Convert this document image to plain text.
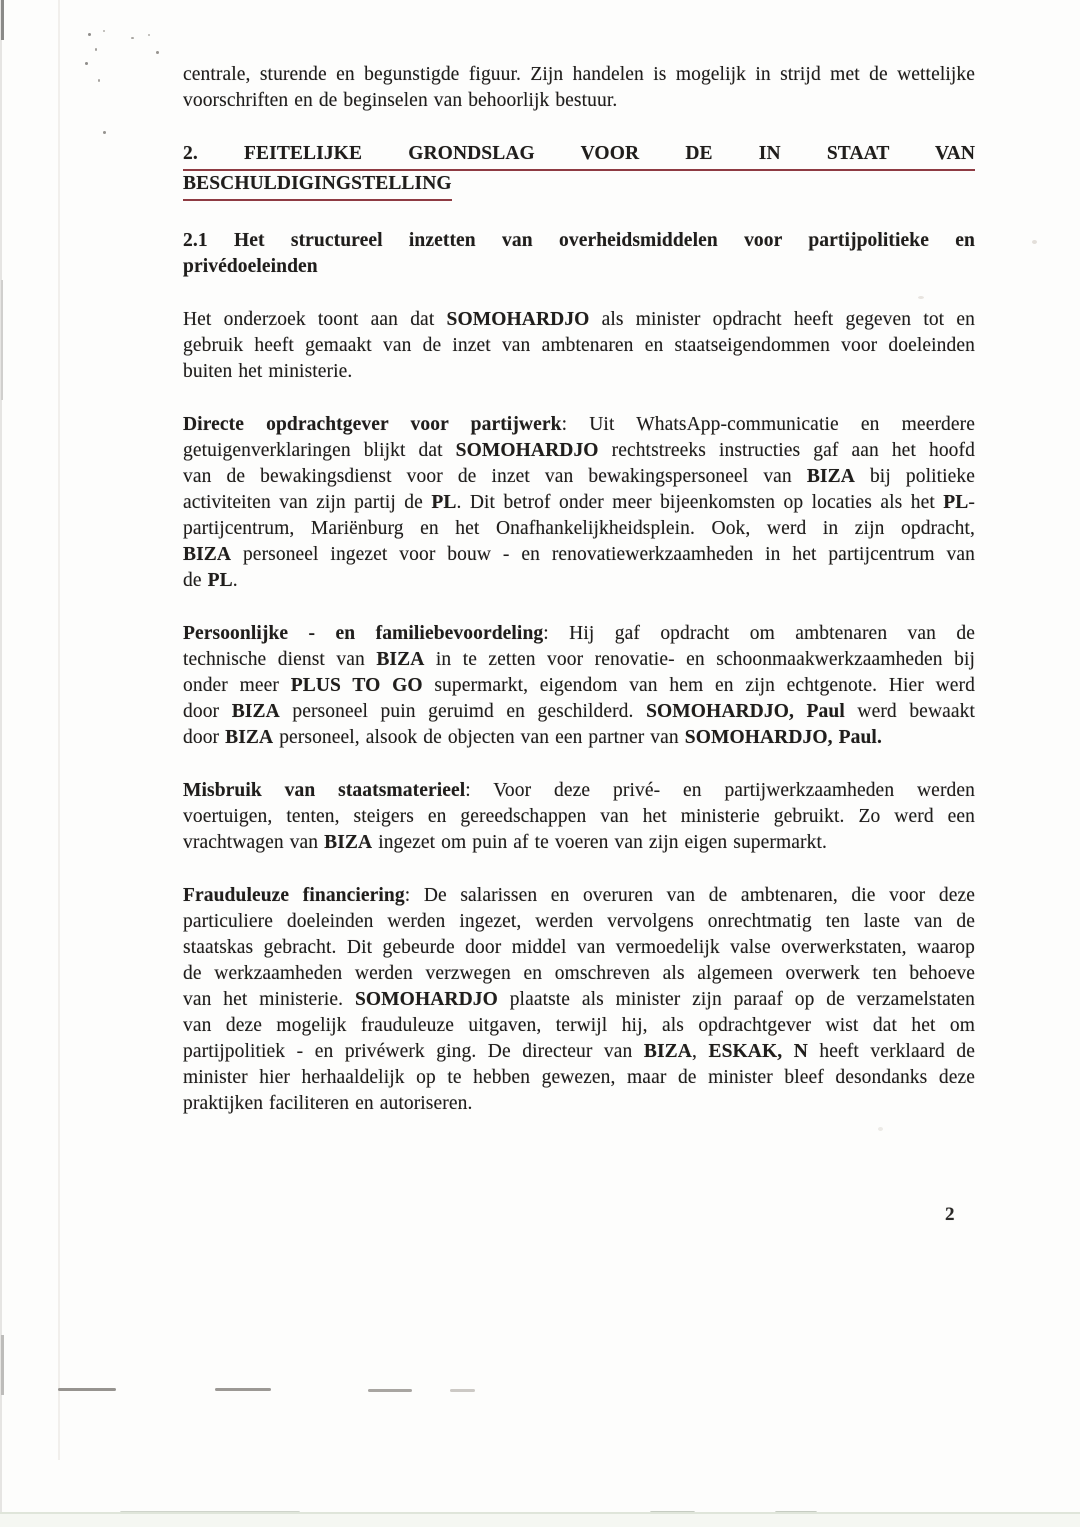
centrale, sturende en begunstigde figuur. Zijn handelen is mogelijk in strijd met de wettelijke
voorschriften en de beginselen van behoorlijk bestuur.
2. FEITELIJKE GRONDSLAG VOOR DE IN STAAT VAN
BESCHULDIGINGSTELLING
2.1 Het structureel inzetten van overheidsmiddelen voor partijpolitieke en
privédoeleinden
Het onderzoek toont aan dat SOMOHARDJO als minister opdracht heeft gegeven tot en
gebruik heeft gemaakt van de inzet van ambtenaren en staatseigendommen voor doeleinden
buiten het ministerie.
Directe opdrachtgever voor partijwerk: Uit WhatsApp-communicatie en meerdere
getuigenverklaringen blijkt dat SOMOHARDJO rechtstreeks instructies gaf aan het hoofd
van de bewakingsdienst voor de inzet van bewakingspersoneel van BIZA bij politieke
activiteiten van zijn partij de PL. Dit betrof onder meer bijeenkomsten op locaties als het PL-
partijcentrum, Mariënburg en het Onafhankelijkheidsplein. Ook, werd in zijn opdracht,
BIZA personeel ingezet voor bouw - en renovatiewerkzaamheden in het partijcentrum van
de PL.
Persoonlijke - en familiebevoordeling: Hij gaf opdracht om ambtenaren van de
technische dienst van BIZA in te zetten voor renovatie- en schoonmaakwerkzaamheden bij
onder meer PLUS TO GO supermarkt, eigendom van hem en zijn echtgenote. Hier werd
door BIZA personeel puin geruimd en geschilderd. SOMOHARDJO, Paul werd bewaakt
door BIZA personeel, alsook de objecten van een partner van SOMOHARDJO, Paul.
Misbruik van staatsmaterieel: Voor deze privé- en partijwerkzaamheden werden
voertuigen, tenten, steigers en gereedschappen van het ministerie gebruikt. Zo werd een
vrachtwagen van BIZA ingezet om puin af te voeren van zijn eigen supermarkt.
Frauduleuze financiering: De salarissen en overuren van de ambtenaren, die voor deze
particuliere doeleinden werden ingezet, werden vervolgens onrechtmatig ten laste van de
staatskas gebracht. Dit gebeurde door middel van vermoedelijk valse overwerkstaten, waarop
de werkzaamheden werden verzwegen en omschreven als algemeen overwerk ten behoeve
van het ministerie. SOMOHARDJO plaatste als minister zijn paraaf op de verzamelstaten
van deze mogelijk frauduleuze uitgaven, terwijl hij, als opdrachtgever wist dat het om
partijpolitiek - en privéwerk ging. De directeur van BIZA, ESKAK, N heeft verklaard de
minister hier herhaaldelijk op te hebben gewezen, maar de minister bleef desondanks deze
praktijken faciliteren en autoriseren.
2
